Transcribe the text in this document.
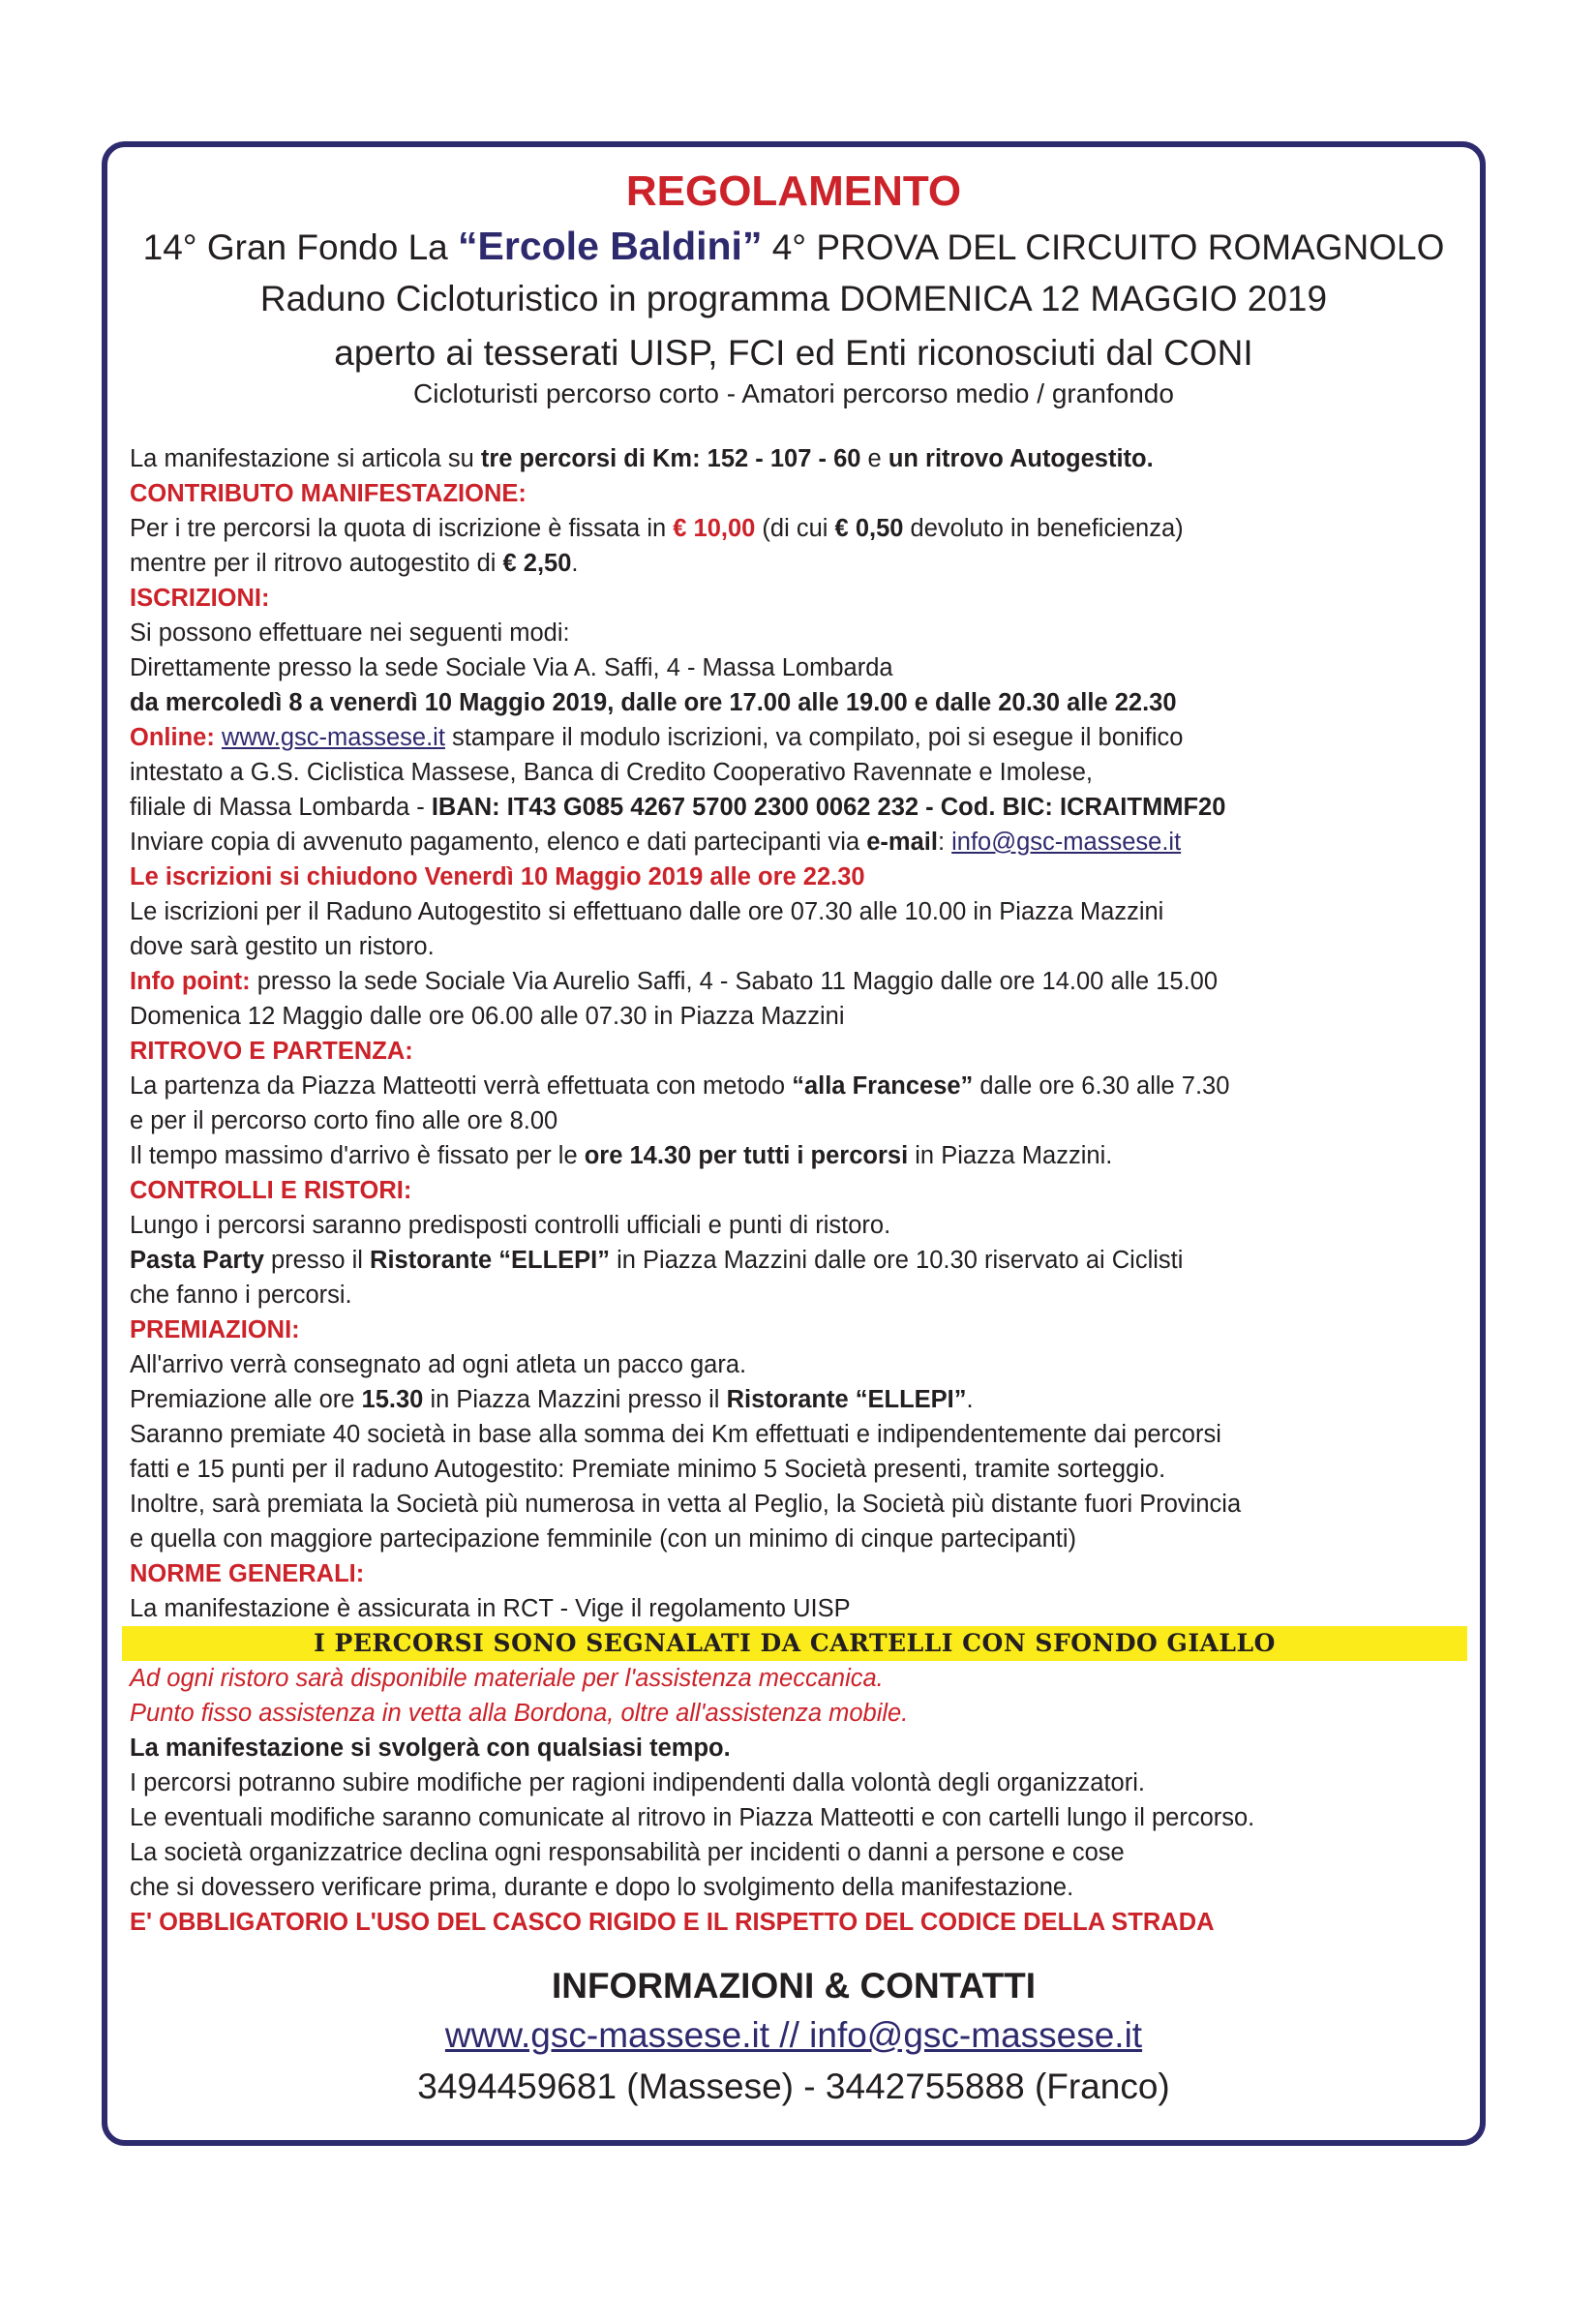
REGOLAMENTO
14° Gran Fondo La “Ercole Baldini” 4° PROVA DEL CIRCUITO ROMAGNOLO
Raduno Cicloturistico in programma DOMENICA 12 MAGGIO 2019
aperto ai tesserati UISP, FCI ed Enti riconosciuti dal CONI
Cicloturisti percorso corto - Amatori percorso medio / granfondo
La manifestazione si articola su tre percorsi di Km: 152 - 107 - 60 e un ritrovo Autogestito.
CONTRIBUTO MANIFESTAZIONE:
Per i tre percorsi la quota di iscrizione è fissata in € 10,00 (di cui € 0,50 devoluto in beneficienza)
mentre per il ritrovo autogestito di € 2,50.
ISCRIZIONI:
Si possono effettuare nei seguenti modi:
Direttamente presso la sede Sociale Via A. Saffi, 4 - Massa Lombarda
da mercoledì 8 a venerdì 10 Maggio 2019, dalle ore 17.00 alle 19.00 e dalle 20.30 alle 22.30
Online: www.gsc-massese.it stampare il modulo iscrizioni, va compilato, poi si esegue il bonifico
intestato a G.S. Ciclistica Massese, Banca di Credito Cooperativo Ravennate e Imolese,
filiale di Massa Lombarda - IBAN: IT43 G085 4267 5700 2300 0062 232 - Cod. BIC: ICRAITMMF20
Inviare copia di avvenuto pagamento, elenco e dati partecipanti via e-mail: info@gsc-massese.it
Le iscrizioni si chiudono Venerdì 10 Maggio 2019 alle ore 22.30
Le iscrizioni per il Raduno Autogestito si effettuano dalle ore 07.30 alle 10.00 in Piazza Mazzini
dove sarà gestito un ristoro.
Info point: presso la sede Sociale Via Aurelio Saffi, 4 - Sabato 11 Maggio dalle ore 14.00 alle 15.00
Domenica 12 Maggio dalle ore 06.00 alle 07.30 in Piazza Mazzini
RITROVO E PARTENZA:
La partenza da Piazza Matteotti verrà effettuata con metodo “alla Francese” dalle ore 6.30 alle 7.30
e per il percorso corto fino alle ore 8.00
Il tempo massimo d'arrivo è fissato per le ore 14.30 per tutti i percorsi in Piazza Mazzini.
CONTROLLI E RISTORI:
Lungo i percorsi saranno predisposti controlli ufficiali e punti di ristoro.
Pasta Party presso il Ristorante “ELLEPI” in Piazza Mazzini dalle ore 10.30 riservato ai Ciclisti
che fanno i percorsi.
PREMIAZIONI:
All'arrivo verrà consegnato ad ogni atleta un pacco gara.
Premiazione alle ore 15.30 in Piazza Mazzini presso il Ristorante “ELLEPI”.
Saranno premiate 40 società in base alla somma dei Km effettuati e indipendentemente dai percorsi
fatti e 15 punti per il raduno Autogestito: Premiate minimo 5 Società presenti, tramite sorteggio.
Inoltre, sarà premiata la Società più numerosa in vetta al Peglio, la Società più distante fuori Provincia
e quella con maggiore partecipazione femminile (con un minimo di cinque partecipanti)
NORME GENERALI:
La manifestazione è assicurata in RCT - Vige il regolamento UISP
I PERCORSI SONO SEGNALATI DA CARTELLI CON SFONDO GIALLO
Ad ogni ristoro sarà disponibile materiale per l'assistenza meccanica.
Punto fisso assistenza in vetta alla Bordona, oltre all'assistenza mobile.
La manifestazione si svolgerà con qualsiasi tempo.
I percorsi potranno subire modifiche per ragioni indipendenti dalla volontà degli organizzatori.
Le eventuali modifiche saranno comunicate al ritrovo in Piazza Matteotti e con cartelli lungo il percorso.
La società organizzatrice declina ogni responsabilità per incidenti o danni a persone e cose
che si dovessero verificare prima, durante e dopo lo svolgimento della manifestazione.
E' OBBLIGATORIO L'USO DEL CASCO RIGIDO E IL RISPETTO DEL CODICE DELLA STRADA
INFORMAZIONI & CONTATTI
www.gsc-massese.it // info@gsc-massese.it
3494459681 (Massese) - 3442755888 (Franco)
